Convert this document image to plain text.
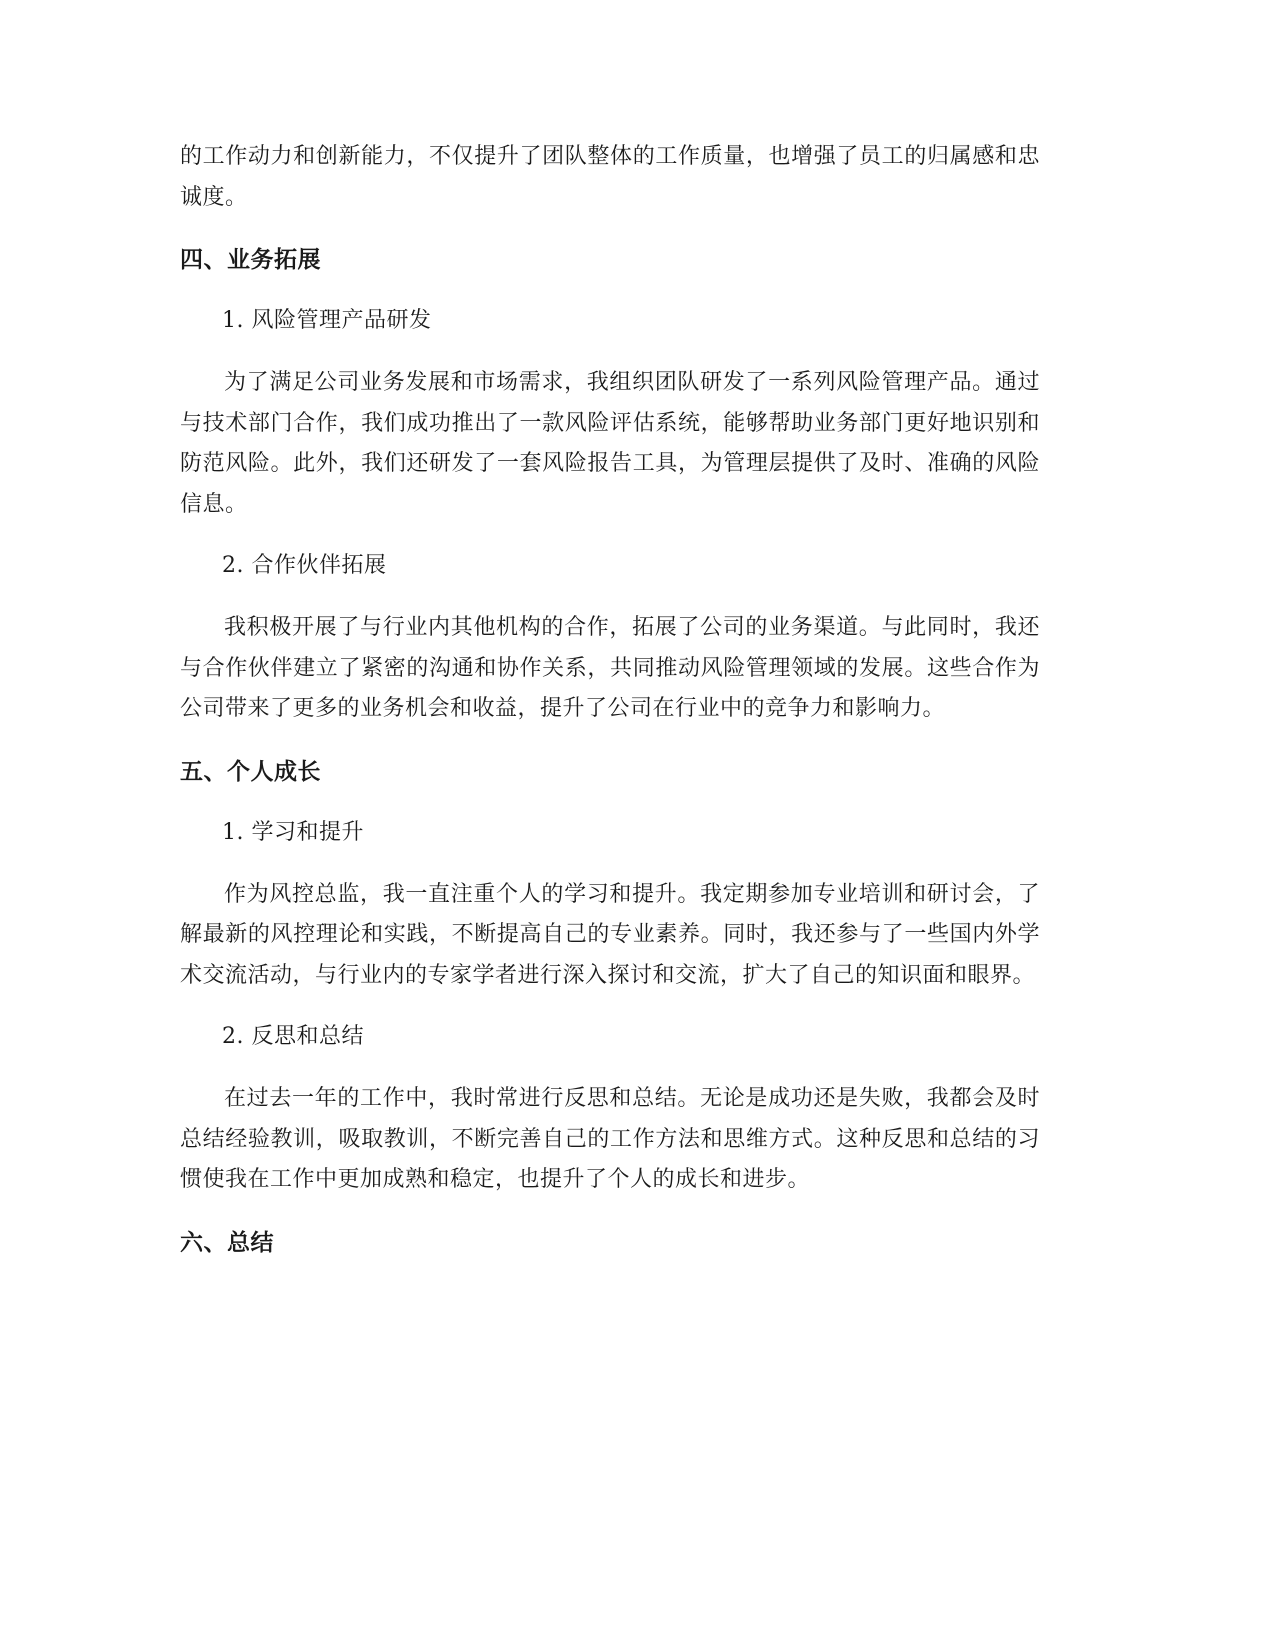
的工作动力和创新能力，不仅提升了团队整体的工作质量，也增强了员工的归属感和忠诚度。

四、业务拓展

1. 风险管理产品研发

为了满足公司业务发展和市场需求，我组织团队研发了一系列风险管理产品。通过与技术部门合作，我们成功推出了一款风险评估系统，能够帮助业务部门更好地识别和防范风险。此外，我们还研发了一套风险报告工具，为管理层提供了及时、准确的风险信息。

2. 合作伙伴拓展

我积极开展了与行业内其他机构的合作，拓展了公司的业务渠道。与此同时，我还与合作伙伴建立了紧密的沟通和协作关系，共同推动风险管理领域的发展。这些合作为公司带来了更多的业务机会和收益，提升了公司在行业中的竞争力和影响力。

五、个人成长

1. 学习和提升

作为风控总监，我一直注重个人的学习和提升。我定期参加专业培训和研讨会，了解最新的风控理论和实践，不断提高自己的专业素养。同时，我还参与了一些国内外学术交流活动，与行业内的专家学者进行深入探讨和交流，扩大了自己的知识面和眼界。

2. 反思和总结

在过去一年的工作中，我时常进行反思和总结。无论是成功还是失败，我都会及时总结经验教训，吸取教训，不断完善自己的工作方法和思维方式。这种反思和总结的习惯使我在工作中更加成熟和稳定，也提升了个人的成长和进步。

六、总结
